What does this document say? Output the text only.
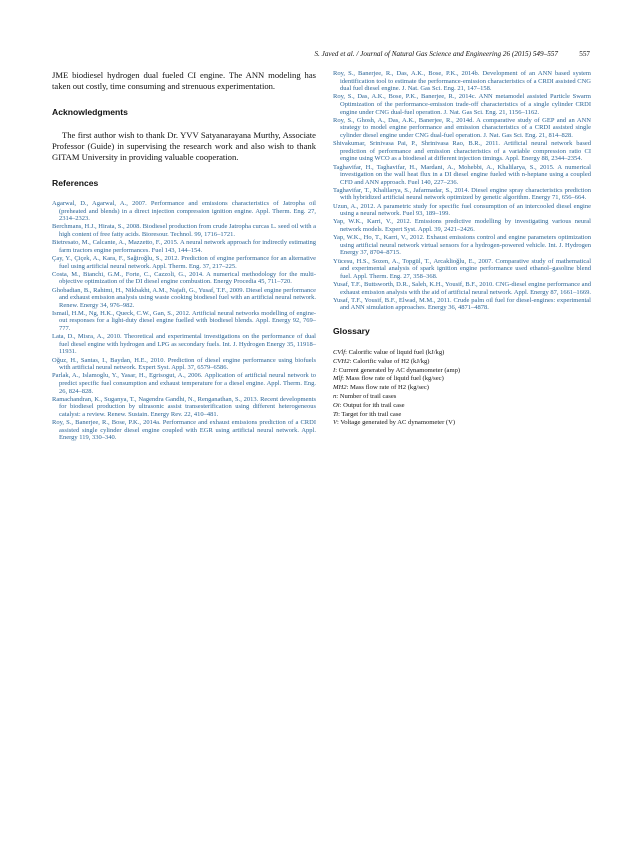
S. Javed et al. / Journal of Natural Gas Science and Engineering 26 (2015) 549–557	557

JME biodiesel hydrogen dual fueled CI engine. The ANN modeling has taken out costly, time consuming and strenuous experimentation.

Acknowledgments

The first author wish to thank Dr. YVV Satyanarayana Murthy, Associate Professor (Guide) in supervising the research work and also wish to thank GITAM University in providing valuable cooperation.

References
Agarwal, D., Agarwal, A., 2007. Performance and emissions characteristics of Jatropha oil (preheated and blends) in a direct injection compression ignition engine. Appl. Therm. Eng. 27, 2314–2323.
Berchmans, H.J., Hirata, S., 2008. Biodiesel production from crude Jatropha curcas L. seed oil with a high content of free fatty acids. Bioresour. Technol. 99, 1716–1721.
Bietresato, M., Calcante, A., Mazzetto, F., 2015. A neural network approach for indirectly estimating farm tractors engine performances. Fuel 143, 144–154.
Çay, Y., Çiçek, A., Kara, F., Sağiroğlu, S., 2012. Prediction of engine performance for an alternative fuel using artificial neural network. Appl. Therm. Eng. 37, 217–225.
Costa, M., Bianchi, G.M., Forte, C., Cazzoli, G., 2014. A numerical methodology for the multi-objective optimization of the DI diesel engine combustion. Energy Procedia 45, 711–720.
Ghobadian, B., Rahimi, H., Nikbakht, A.M., Najafi, G., Yusaf, T.F., 2009. Diesel engine performance and exhaust emission analysis using waste cooking biodiesel fuel with an artificial neural network. Renew. Energy 34, 976–982.
Ismail, H.M., Ng, H.K., Queck, C.W., Gan, S., 2012. Artificial neural networks modelling of engine-out responses for a light-duty diesel engine fuelled with biodiesel blends. Appl. Energy 92, 769–777.
Lata, D., Misra, A., 2010. Theoretical and experimental investigations on the performance of dual fuel diesel engine with hydrogen and LPG as secondary fuels. Int. J. Hydrogen Energy 35, 11918–11931.
Oğuz, H., Santas, I., Baydan, H.E., 2010. Prediction of diesel engine performance using biofuels with artificial neural network. Expert Syst. Appl. 37, 6579–6586.
Parlak, A., Islamoglu, Y., Yasar, H., Egrisogut, A., 2006. Application of artificial neural network to predict specific fuel consumption and exhaust temperature for a diesel engine. Appl. Therm. Eng. 26, 824–828.
Ramachandran, K., Suganya, T., Nagendra Gandhi, N., Renganathan, S., 2013. Recent developments for biodiesel production by ultrasonic assist transesterification using different heterogeneous catalyst: a review. Renew. Sustain. Energy Rev. 22, 410–481.
Roy, S., Banerjee, R., Bose, P.K., 2014a. Performance and exhaust emissions prediction of a CRDI assisted single cylinder diesel engine coupled with EGR using artificial neural network. Appl. Energy 119, 330–340.
Roy, S., Banerjee, R., Das, A.K., Bose, P.K., 2014b. Development of an ANN based system identification tool to estimate the performance-emission characteristics of a CRDI assisted CNG dual fuel diesel engine. J. Nat. Gas Sci. Eng. 21, 147–158.
Roy, S., Das, A.K., Bose, P.K., Banerjee, R., 2014c. ANN metamodel assisted Particle Swarm Optimization of the performance-emission trade-off characteristics of a single cylinder CRDI engine under CNG dual-fuel operation. J. Nat. Gas Sci. Eng. 21, 1156–1162.
Roy, S., Ghosh, A., Das, A.K., Banerjee, R., 2014d. A comparative study of GEP and an ANN strategy to model engine performance and emission characteristics of a CRDI assisted single cylinder diesel engine under CNG dual-fuel operation. J. Nat. Gas Sci. Eng. 21, 814–828.
Shivakumar, Srinivasa Pai, P., Shrinivasa Rao, B.R., 2011. Artificial neural network based prediction of performance and emission characteristics of a variable compression ratio CI engine using WCO as a biodiesel at different injection timings. Appl. Energy 88, 2344–2354.
Taghavifar, H., Taghavifar, H., Mardani, A., Mohebbi, A., Khalilarya, S., 2015. A numerical investigation on the wall heat flux in a DI diesel engine fueled with n-heptane using a coupled CFD and ANN approach. Fuel 140, 227–236.
Taghavifar, T., Khalilarya, S., Jafarmadar, S., 2014. Diesel engine spray characteristics prediction with hybridized artificial neural network optimized by genetic algorithm. Energy 71, 656–664.
Uzun, A., 2012. A parametric study for specific fuel consumption of an intercooled diesel engine using a neural network. Fuel 93, 189–199.
Yap, W.K., Karri, V., 2012. Emissions predictive modelling by investigating various neural network models. Expert Syst. Appl. 39, 2421–2426.
Yap, W.K., Ho, T., Karri, V., 2012. Exhaust emissions control and engine parameters optimization using artificial neural network virtual sensors for a hydrogen-powered vehicle. Int. J. Hydrogen Energy 37, 8704–8715.
Yücesu, H.S., Sozen, A., Topgül, T., Arcaklioğlu, E., 2007. Comparative study of mathematical and experimental analysis of spark ignition engine performance used ethanol–gasoline blend fuel. Appl. Therm. Eng. 27, 358–368.
Yusaf, T.F., Buttsworth, D.R., Saleh, K.H., Yousif, B.F., 2010. CNG-diesel engine performance and exhaust emission analysis with the aid of artificial neural network. Appl. Energy 87, 1661–1669.
Yusaf, T.F., Yousif, B.F., Elwad, M.M., 2011. Crude palm oil fuel for diesel-engines: experimental and ANN simulation approaches. Energy 36, 4871–4878.
Glossary
CVlf: Calorific value of liquid fuel (kJ/kg)
CVH2: Calorific value of H2 (kJ/kg)
I: Current generated by AC dynamometer (amp)
Mlf: Mass flow rate of liquid fuel (kg/sec)
MH2: Mass flow rate of H2 (kg/sec)
n: Number of trail cases
Oi: Output for ith trail case
Ti: Target for ith trail case
V: Voltage generated by AC dynamometer (V)
